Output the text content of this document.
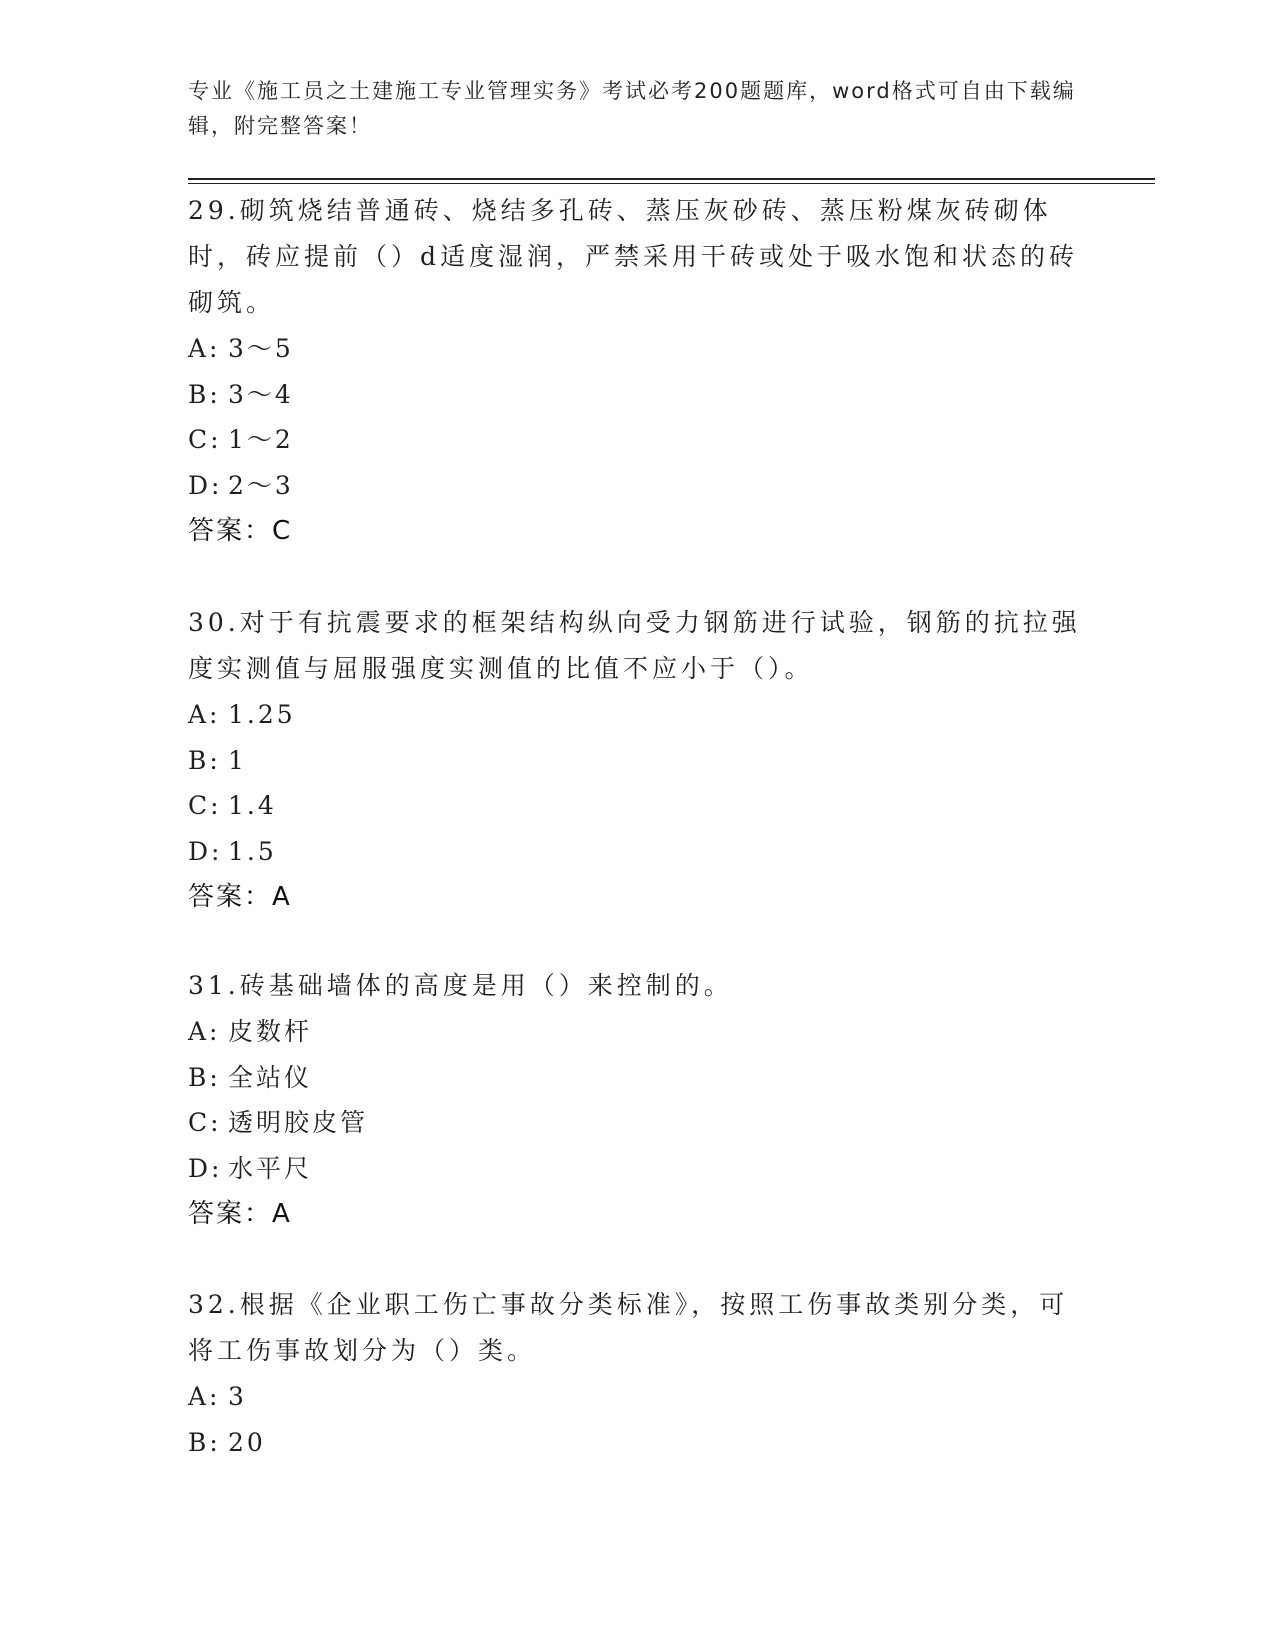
专业《施工员之土建施工专业管理实务》考试必考200题题库，word格式可自由下载编辑，附完整答案！

29.砌筑烧结普通砖、烧结多孔砖、蒸压灰砂砖、蒸压粉煤灰砖砌体时，砖应提前（）d适度湿润，严禁采用干砖或处于吸水饱和状态的砖砌筑。

A: 3～5

B: 3～4

C: 1～2

D: 2～3

答案：C

30.对于有抗震要求的框架结构纵向受力钢筋进行试验，钢筋的抗拉强度实测值与屈服强度实测值的比值不应小于（）。

A: 1.25

B: 1

C: 1.4

D: 1.5

答案：A

31.砖基础墙体的高度是用（）来控制的。

A: 皮数杆

B: 全站仪

C: 透明胶皮管

D: 水平尺

答案：A

32.根据《企业职工伤亡事故分类标准》，按照工伤事故类别分类，可将工伤事故划分为（）类。

A: 3

B: 20
